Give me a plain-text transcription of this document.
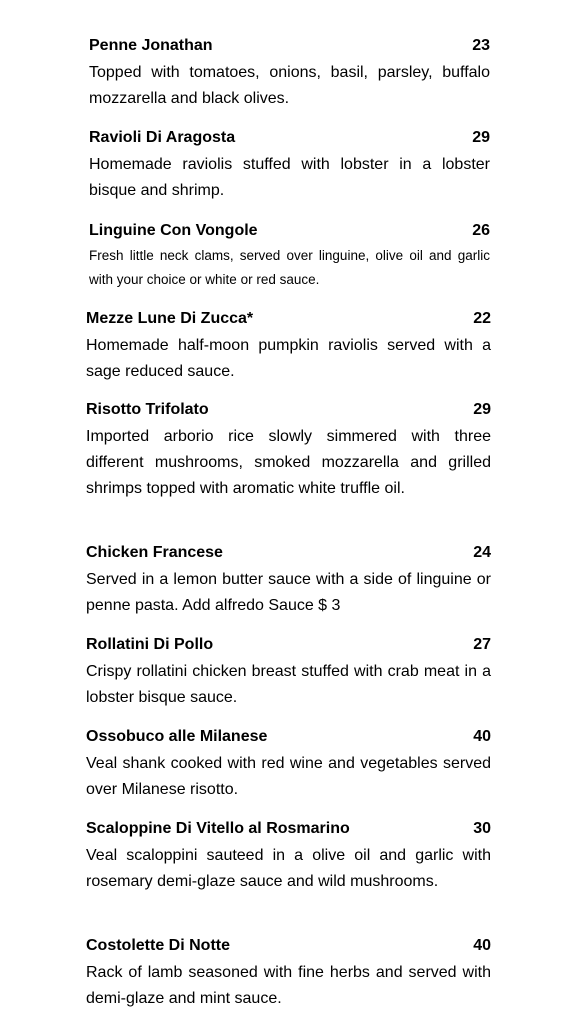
Penne Jonathan	23

Topped with tomatoes, onions, basil, parsley, buffalo mozzarella and black olives.

Ravioli Di Aragosta	29

Homemade raviolis stuffed with lobster in a lobster bisque and shrimp.

Linguine Con Vongole	26

Fresh little neck clams, served over linguine, olive oil and garlic with your choice or white or red sauce.

Mezze Lune Di Zucca*	22

Homemade half-moon pumpkin raviolis served with a sage reduced sauce.

Risotto Trifolato	29

Imported arborio rice slowly simmered with three different mushrooms, smoked mozzarella and grilled shrimps topped with aromatic white truffle oil.

Chicken Francese	24

Served in a lemon butter sauce with a side of linguine or penne pasta. Add alfredo Sauce $ 3

Rollatini Di Pollo	27

Crispy rollatini chicken breast stuffed with crab meat in a lobster bisque sauce.

Ossobuco alle Milanese	40

Veal shank cooked with red wine and vegetables served over Milanese risotto.

Scaloppine Di Vitello al Rosmarino	30

Veal scaloppini sauteed in a olive oil and garlic with rosemary demi-glaze sauce and wild mushrooms.

Costolette Di Notte	40

Rack of lamb seasoned with fine herbs and served with demi-glaze and mint sauce.
